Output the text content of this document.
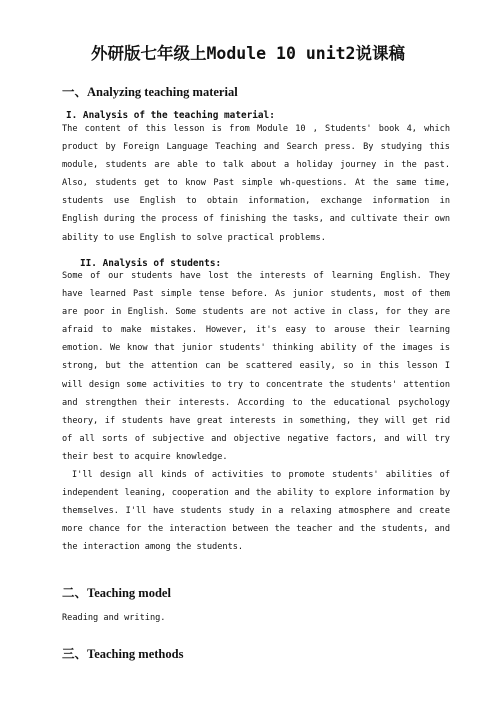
外研版七年级上Module 10 unit2说课稿
一、Analyzing teaching material
I. Analysis of the teaching material:

The content of this lesson is from Module 10 , Students' book 4, which product by Foreign Language Teaching and Search press. By studying this module, students are able to talk about a holiday journey in the past. Also, students get to know Past simple wh-questions. At the same time, students use English to obtain information, exchange information in English during the process of finishing the tasks, and cultivate their own ability to use English to solve practical problems.

II. Analysis of students:

Some of our students have lost the interests of learning English. They have learned Past simple tense before. As junior students, most of them are poor in English. Some students are not active in class, for they are afraid to make mistakes. However, it's easy to arouse their learning emotion. We know that junior students' thinking ability of the images is strong, but the attention can be scattered easily, so in this lesson I will design some activities to try to concentrate the students' attention and strengthen their interests. According to the educational psychology theory, if students have great interests in something, they will get rid of all sorts of subjective and objective negative factors, and will try their best to acquire knowledge.

I'll design all kinds of activities to promote students' abilities of independent leaning, cooperation and the ability to explore information by themselves. I'll have students study in a relaxing atmosphere and create more chance for the interaction between the teacher and the students, and the interaction among the students.

二、Teaching model

Reading and writing.

三、Teaching methods
